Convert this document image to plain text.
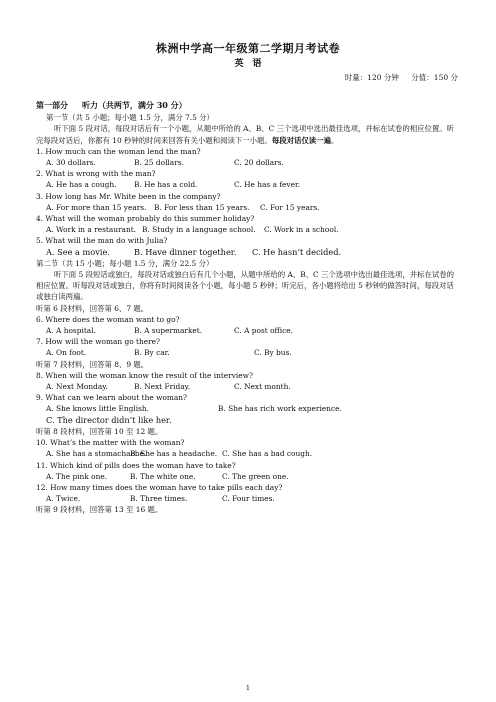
株洲中学高一年级第二学期月考试卷
英　语
时量：120 分钟 分值：150 分
第一部分 听力（共两节，满分 30 分）
第一节（共 5 小题；每小题 1.5 分，满分 7.5 分）
听下面 5 段对话，每段对话后有一个小题，从题中所给的 A、B、C 三个选项中选出最佳选项，并标在试卷的相应位置。听完每段对话后，你都有 10 秒钟的时间来回答有关小题和阅读下一小题。每段对话仅读一遍。
1. How much can the woman lend the man?
A. 30 dollars.	B. 25 dollars.	C. 20 dollars.
2. What is wrong with the man?
A. He has a cough. B. He has a cold.	C. He has a fever.
3. How long has Mr. White been in the company?
A. For more than 15 years. B. For less than 15 years. C. For 15 years.
4. What will the woman probably do this summer holiday?
A. Work in a restaurant. B. Study in a language school. C. Work in a school.
5. What will the man do with Julia?
A. See a movie.	B. Have dinner together. C. He hasn’t decided.
第二节（共 15 小题；每小题 1.5 分，满分 22.5 分）
听下面 5 段短话或独白，每段对话或独白后有几个小题，从题中所给的 A、B、C 三个选项中选出最佳选项，并标在试卷的相应位置。听每段对话或独白，你将有时间阅读各个小题，每小题 5 秒钟；听完后，各小题将给出 5 秒钟的做答时间，每段对话或独白读两遍。
听第 6 段材料，回答第 6、7 题。
6. Where does the woman want to go?
A. A hospital.	B. A supermarket.	C. A post office.
7. How will the woman go there?
A. On foot.	B. By car.	C. By bus.
听第 7 段材料，回答第 8、9 题。
8. When will the woman know the result of the interview?
A. Next Monday.	B. Next Friday.	C. Next month.
9. What can we learn about the woman?
A. She knows little English.	B. She has rich work experience.
C. The director didn’t like her.
听第 8 段材料，回答第 10 至 12 题。
10. What’s the matter with the woman?
A. She has a stomachache.B. She has a headache. C. She has a bad cough.
11. Which kind of pills does the woman have to take?
A. The pink one.	B. The white one.	C. The green one.
12. How many times does the woman have to take pills each day?
A. Twice.	B. Three times.	C. Four times.
听第 9 段材料，回答第 13 至 16 题。
1
